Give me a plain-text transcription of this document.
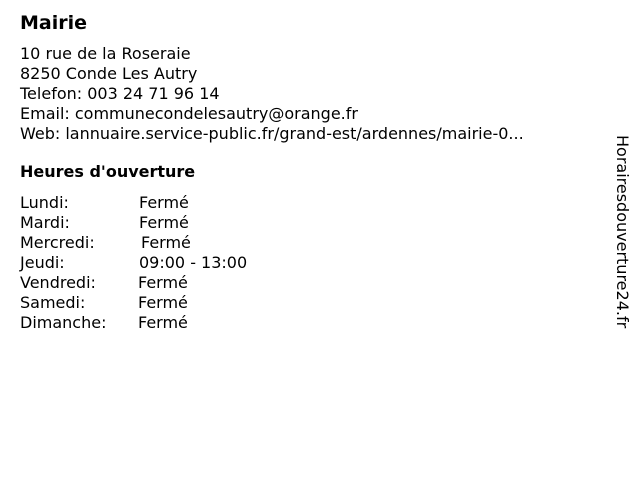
Mairie
10 rue de la Roseraie
8250 Conde Les Autry
Telefon: 003 24 71 96 14
Email: communecondelesautry@orange.fr
Web: lannuaire.service-public.fr/grand-est/ardennes/mairie-0...
Heures d'ouverture
Lundi:	Fermé
Mardi:	Fermé
Mercredi:	Fermé
Jeudi:	09:00 - 13:00
Vendredi:	Fermé
Samedi:	Fermé
Dimanche: Fermé	Horairesdouverture24.fr
